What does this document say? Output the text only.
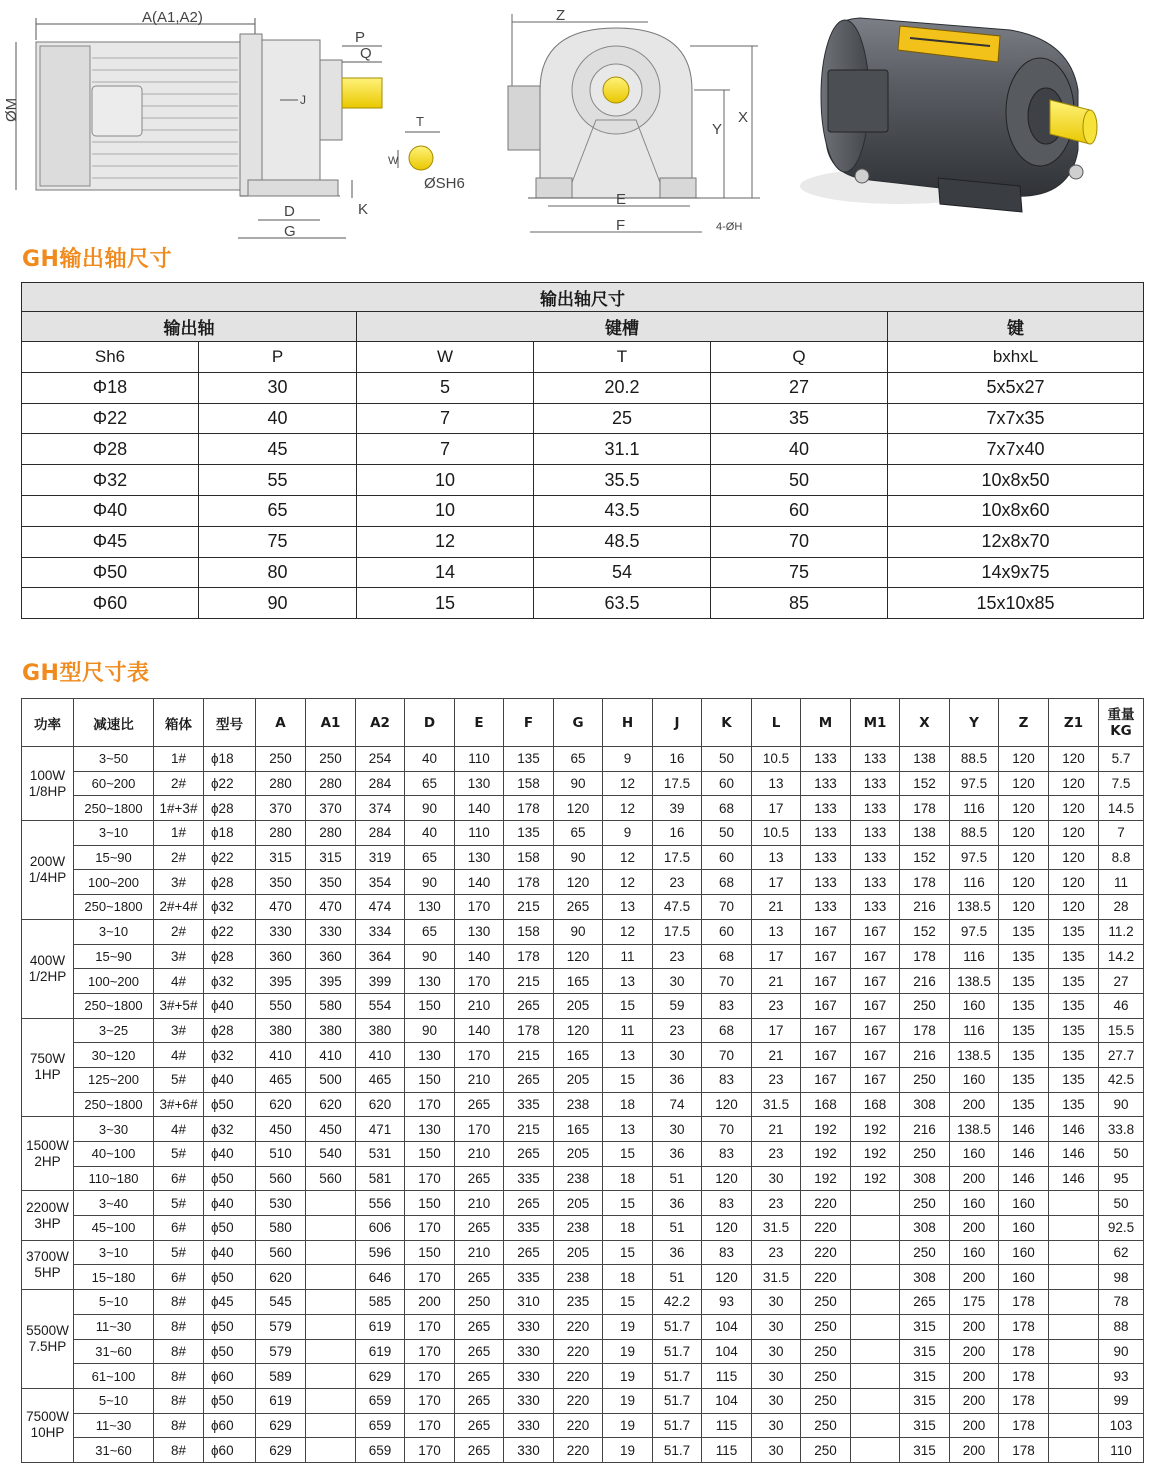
A(A1,A2)
ØM
P
Q
J
D
G
K
T
W
ØSH6
Z
Y
X
E
F	4-ØH
GH输出轴尺寸
输出轴尺寸					
输出轴		键槽			键
Sh6	P	W	T	Q	bxhxL
Φ18	30	5	20.2	27	5x5x27
Φ22	40	7	25	35	7x7x35
Φ28	45	7	31.1	40	7x7x40
Φ32	55	10	35.5	50	10x8x50
Φ40	65	10	43.5	60	10x8x60
Φ45	75	12	48.5	70	12x8x70
Φ50	80	14	54	75	14x9x75
Φ60	90	15	63.5	85	15x10x85
GH型尺寸表
功率	减速比	箱体	型号	A	A1	A2	D	E	F	G	H	J	K	L	M	M1	X	Y	Z	Z1	重量KG
100W 1/8HP	3~50	1#	ϕ18	250	250	254	40	110	135	65	9	16	50	10.5	133	133	138	88.5	120	120	5.7
	60~200	2#	ϕ22	280	280	284	65	130	158	90	12	17.5	60	13	133	133	152	97.5	120	120	7.5
	250~1800	1#+3#	ϕ28	370	370	374	90	140	178	120	12	39	68	17	133	133	178	116	120	120	14.5
200W 1/4HP	3~10	1#	ϕ18	280	280	284	40	110	135	65	9	16	50	10.5	133	133	138	88.5	120	120	7
	15~90	2#	ϕ22	315	315	319	65	130	158	90	12	17.5	60	13	133	133	152	97.5	120	120	8.8
	100~200	3#	ϕ28	350	350	354	90	140	178	120	12	23	68	17	133	133	178	116	120	120	11
	250~1800	2#+4#	ϕ32	470	470	474	130	170	215	265	13	47.5	70	21	133	133	216	138.5	120	120	28
400W 1/2HP	3~10	2#	ϕ22	330	330	334	65	130	158	90	12	17.5	60	13	167	167	152	97.5	135	135	11.2
	15~90	3#	ϕ28	360	360	364	90	140	178	120	11	23	68	17	167	167	178	116	135	135	14.2
	100~200	4#	ϕ32	395	395	399	130	170	215	165	13	30	70	21	167	167	216	138.5	135	135	27
	250~1800	3#+5#	ϕ40	550	580	554	150	210	265	205	15	59	83	23	167	167	250	160	135	135	46
750W 1HP	3~25	3#	ϕ28	380	380	380	90	140	178	120	11	23	68	17	167	167	178	116	135	135	15.5
	30~120	4#	ϕ32	410	410	410	130	170	215	165	13	30	70	21	167	167	216	138.5	135	135	27.7
	125~200	5#	ϕ40	465	500	465	150	210	265	205	15	36	83	23	167	167	250	160	135	135	42.5
	250~1800	3#+6#	ϕ50	620	620	620	170	265	335	238	18	74	120	31.5	168	168	308	200	135	135	90
1500W 2HP	3~30	4#	ϕ32	450	450	471	130	170	215	165	13	30	70	21	192	192	216	138.5	146	146	33.8
	40~100	5#	ϕ40	510	540	531	150	210	265	205	15	36	83	23	192	192	250	160	146	146	50
	110~180	6#	ϕ50	560	560	581	170	265	335	238	18	51	120	30	192	192	308	200	146	146	95
2200W 3HP	3~40	5#	ϕ40	530		556	150	210	265	205	15	36	83	23	220		250	160	160		50
	45~100	6#	ϕ50	580		606	170	265	335	238	18	51	120	31.5	220		308	200	160		92.5
3700W 5HP	3~10	5#	ϕ40	560		596	150	210	265	205	15	36	83	23	220		250	160	160		62
	15~180	6#	ϕ50	620		646	170	265	335	238	18	51	120	31.5	220		308	200	160		98
5500W 7.5HP	5~10	8#	ϕ45	545		585	200	250	310	235	15	42.2	93	30	250		265	175	178		78
	11~30	8#	ϕ50	579		619	170	265	330	220	19	51.7	104	30	250		315	200	178		88
	31~60	8#	ϕ50	579		619	170	265	330	220	19	51.7	104	30	250		315	200	178		90
	61~100	8#	ϕ60	589		629	170	265	330	220	19	51.7	115	30	250		315	200	178		93
7500W 10HP	5~10	8#	ϕ50	619		659	170	265	330	220	19	51.7	104	30	250		315	200	178		99
	11~30	8#	ϕ60	629		659	170	265	330	220	19	51.7	115	30	250		315	200	178		103
	31~60	8#	ϕ60	629		659	170	265	330	220	19	51.7	115	30	250		315	200	178		110
